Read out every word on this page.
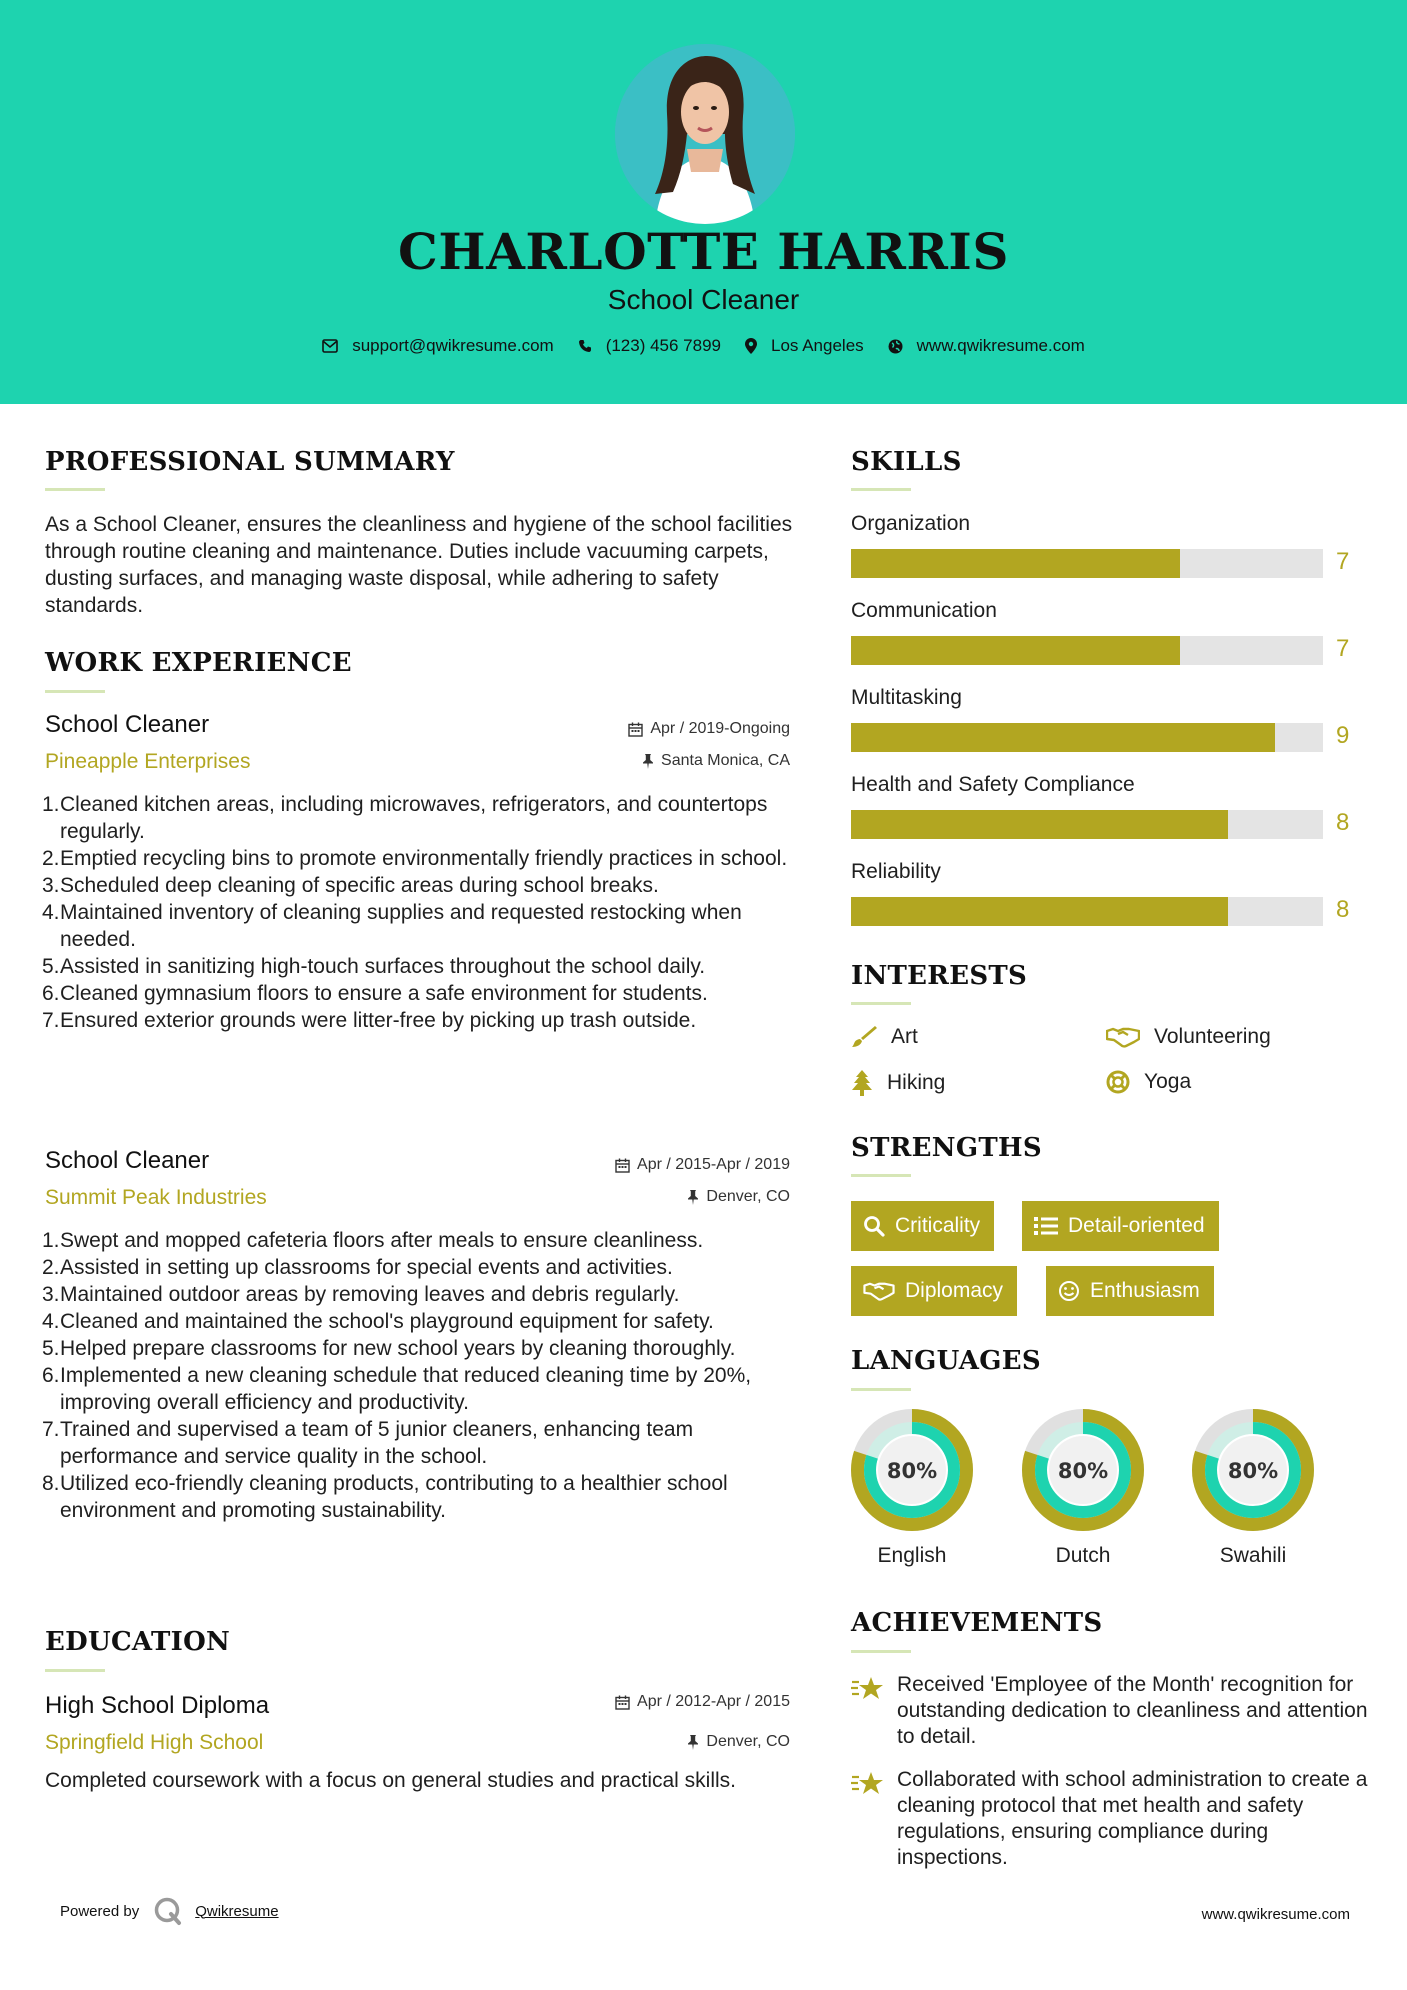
CHARLOTTE HARRIS
School Cleaner
support@qwikresume.com	(123) 456 7899	Los Angeles	www.qwikresume.com
PROFESSIONAL SUMMARY
As a School Cleaner, ensures the cleanliness and hygiene of the school facilities through routine cleaning and maintenance. Duties include vacuuming carpets, dusting surfaces, and managing waste disposal, while adhering to safety standards.
WORK EXPERIENCE
School Cleaner	Apr / 2019-Ongoing
Pineapple Enterprises	Santa Monica, CA
1. Cleaned kitchen areas, including microwaves, refrigerators, and countertops regularly.
2. Emptied recycling bins to promote environmentally friendly practices in school.
3. Scheduled deep cleaning of specific areas during school breaks.
4. Maintained inventory of cleaning supplies and requested restocking when needed.
5. Assisted in sanitizing high-touch surfaces throughout the school daily.
6. Cleaned gymnasium floors to ensure a safe environment for students.
7. Ensured exterior grounds were litter-free by picking up trash outside.
School Cleaner	Apr / 2015-Apr / 2019
Summit Peak Industries	Denver, CO
1. Swept and mopped cafeteria floors after meals to ensure cleanliness.
2. Assisted in setting up classrooms for special events and activities.
3. Maintained outdoor areas by removing leaves and debris regularly.
4. Cleaned and maintained the school's playground equipment for safety.
5. Helped prepare classrooms for new school years by cleaning thoroughly.
6. Implemented a new cleaning schedule that reduced cleaning time by 20%, improving overall efficiency and productivity.
7. Trained and supervised a team of 5 junior cleaners, enhancing team performance and service quality in the school.
8. Utilized eco-friendly cleaning products, contributing to a healthier school environment and promoting sustainability.
EDUCATION
High School Diploma	Apr / 2012-Apr / 2015
Springfield High School	Denver, CO
Completed coursework with a focus on general studies and practical skills.
SKILLS
Organization
7
Communication
7
Multitasking
9
Health and Safety Compliance
8
Reliability
8
INTERESTS
Art	Volunteering
Hiking	Yoga
STRENGTHS
Criticality	Detail-oriented
Diplomacy	Enthusiasm
LANGUAGES
80%
English
80%
Dutch
80%
Swahili
ACHIEVEMENTS
Received 'Employee of the Month' recognition for outstanding dedication to cleanliness and attention to detail.
Collaborated with school administration to create a cleaning protocol that met health and safety regulations, ensuring compliance during inspections.
Powered by	Qwikresume	www.qwikresume.com
